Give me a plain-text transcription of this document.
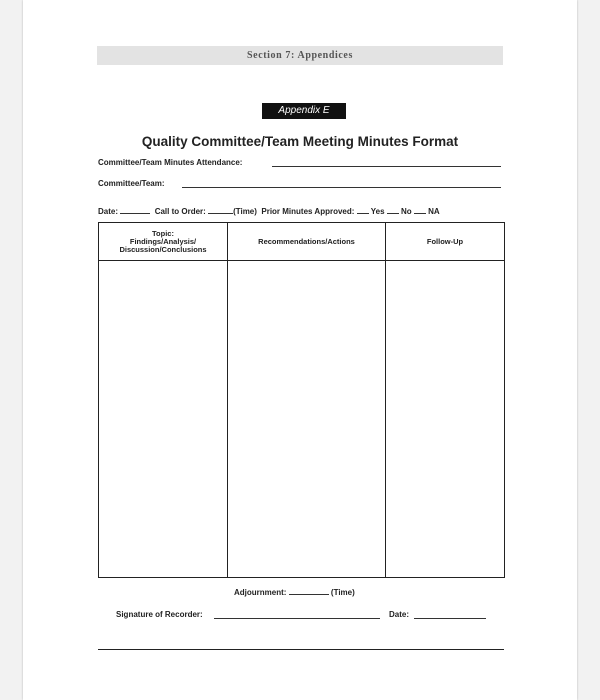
Section 7: Appendices
Appendix E
Quality Committee/Team Meeting Minutes Format
Committee/Team Minutes Attendance:
Committee/Team:
Date:	Call to Order:	(Time) Prior Minutes Approved: Yes No NA
Topic:
Findings/Analysis/
Discussion/Conclusions	Recommendations/Actions	Follow-Up

Adjournment:	(Time)
Signature of Recorder:	Date:
